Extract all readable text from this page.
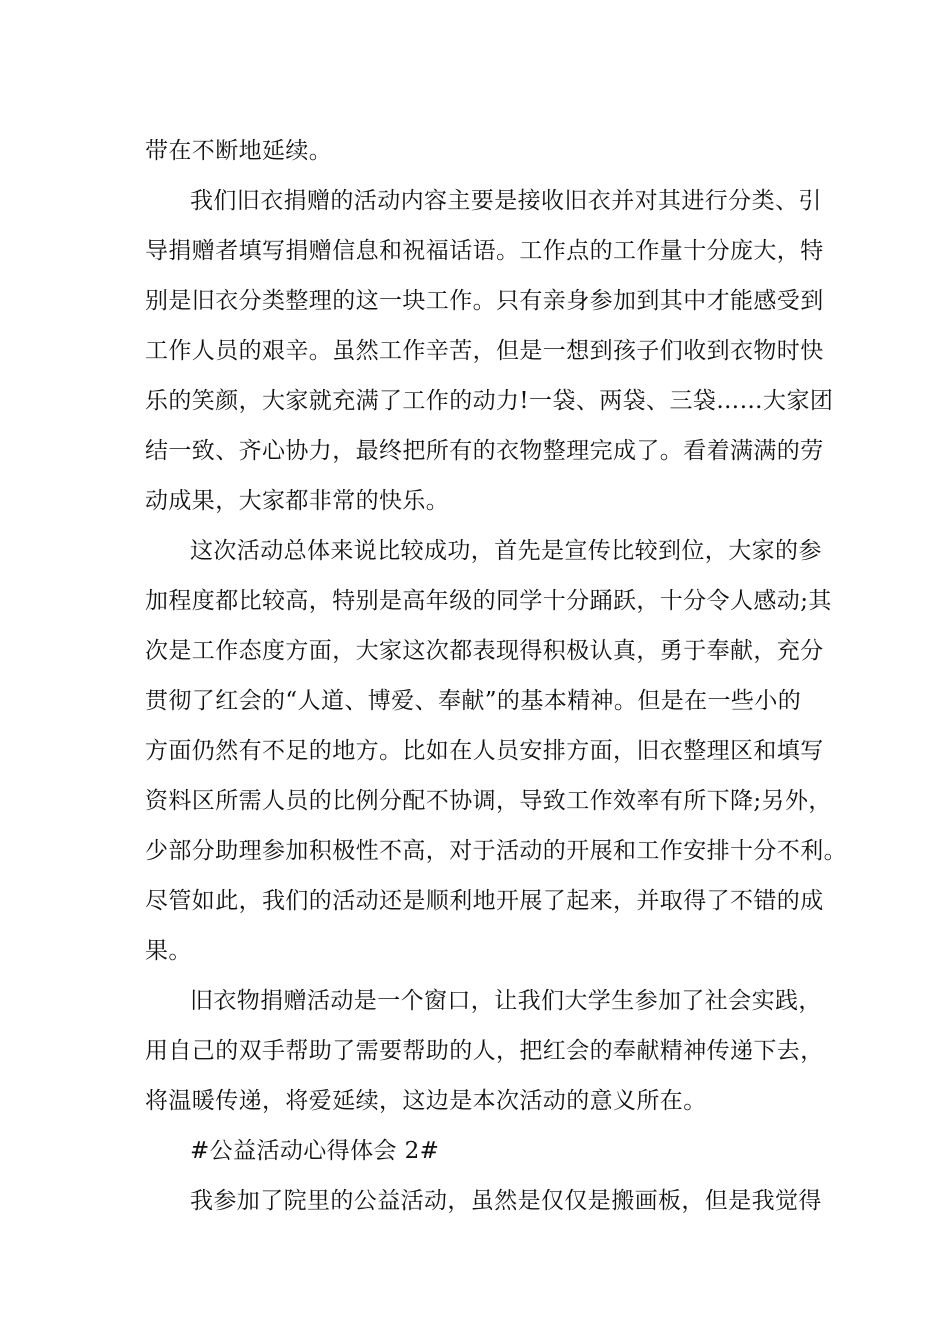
带在不断地延续。
我们旧衣捐赠的活动内容主要是接收旧衣并对其进行分类、引
导捐赠者填写捐赠信息和祝福话语。工作点的工作量十分庞大，特
别是旧衣分类整理的这一块工作。只有亲身参加到其中才能感受到
工作人员的艰辛。虽然工作辛苦，但是一想到孩子们收到衣物时快
乐的笑颜，大家就充满了工作的动力!一袋、两袋、三袋……大家团
结一致、齐心协力，最终把所有的衣物整理完成了。看着满满的劳
动成果，大家都非常的快乐。
这次活动总体来说比较成功，首先是宣传比较到位，大家的参
加程度都比较高，特别是高年级的同学十分踊跃，十分令人感动;其
次是工作态度方面，大家这次都表现得积极认真，勇于奉献，充分
贯彻了红会的“人道、博爱、奉献”的基本精神。但是在一些小的
方面仍然有不足的地方。比如在人员安排方面，旧衣整理区和填写
资料区所需人员的比例分配不协调，导致工作效率有所下降;另外，
少部分助理参加积极性不高，对于活动的开展和工作安排十分不利。
尽管如此，我们的活动还是顺利地开展了起来，并取得了不错的成
果。
旧衣物捐赠活动是一个窗口，让我们大学生参加了社会实践，
用自己的双手帮助了需要帮助的人，把红会的奉献精神传递下去，
将温暖传递，将爱延续，这边是本次活动的意义所在。
#公益活动心得体会 2#
我参加了院里的公益活动，虽然是仅仅是搬画板，但是我觉得
